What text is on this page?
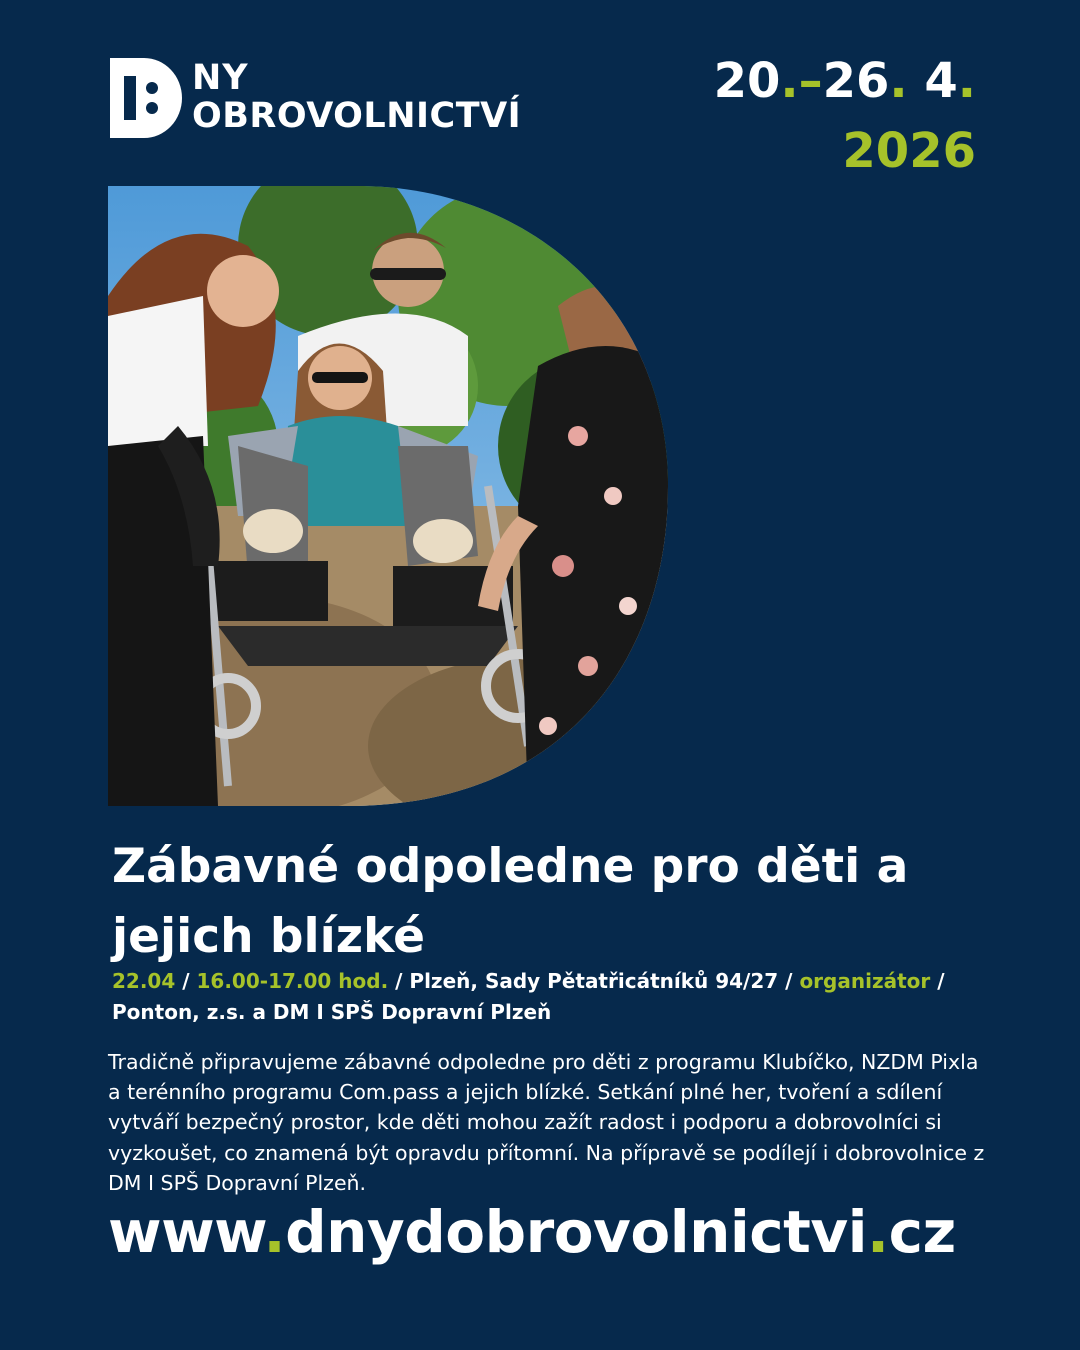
NY
OBROVOLNICTVÍ
20.–26. 4.
2026
Zábavné odpoledne pro děti a jejich blízké
22.04 / 16.00-17.00 hod. / Plzeň, Sady Pětatřicátníků 94/27 / organizátor / Ponton, z.s. a DM I SPŠ Dopravní Plzeň
Tradičně připravujeme zábavné odpoledne pro děti z programu Klubíčko, NZDM Pixla a terénního programu Com.pass a jejich blízké. Setkání plné her, tvoření a sdílení vytváří bezpečný prostor, kde děti mohou zažít radost i podporu a dobrovolníci si vyzkoušet, co znamená být opravdu přítomní. Na přípravě se podílejí i dobrovolnice z DM I SPŠ Dopravní Plzeň.
www.dnydobrovolnictvi.cz
